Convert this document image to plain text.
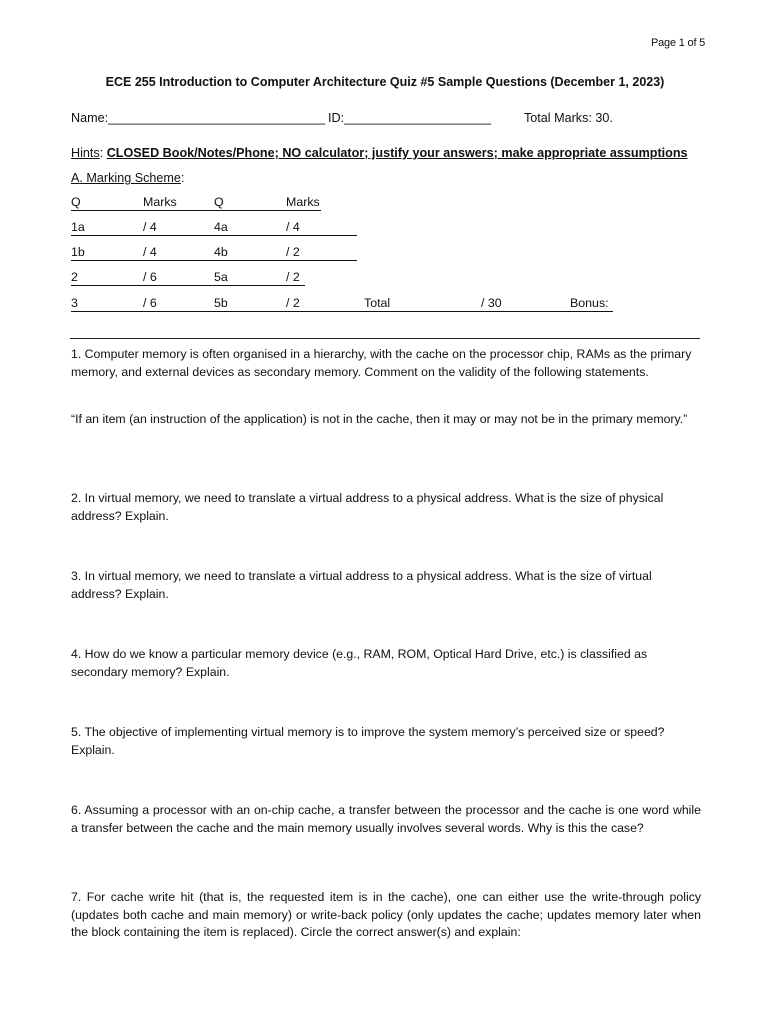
Page 1 of 5
ECE 255 Introduction to Computer Architecture Quiz #5 Sample Questions (December 1, 2023)
Name:_______________________________ ID:_____________________	Total Marks: 30.
Hints: CLOSED Book/Notes/Phone; NO calculator; justify your answers; make appropriate assumptions
A. Marking Scheme:
Q	Marks	Q	Marks
1a	/ 4	4a	/ 4
1b	/ 4	4b	/ 2
2	/ 6	5a	/ 2
3	/ 6	5b	/ 2	Total	/ 30	Bonus:
1. Computer memory is often organised in a hierarchy, with the cache on the processor chip, RAMs as the primary memory, and external devices as secondary memory. Comment on the validity of the following statements.
“If an item (an instruction of the application) is not in the cache, then it may or may not be in the primary memory.”
2. In virtual memory, we need to translate a virtual address to a physical address. What is the size of physical address? Explain.
3. In virtual memory, we need to translate a virtual address to a physical address. What is the size of virtual address? Explain.
4. How do we know a particular memory device (e.g., RAM, ROM, Optical Hard Drive, etc.) is classified as secondary memory? Explain.
5. The objective of implementing virtual memory is to improve the system memory’s perceived size or speed? Explain.
6. Assuming a processor with an on-chip cache, a transfer between the processor and the cache is one word while a transfer between the cache and the main memory usually involves several words. Why is this the case?
7. For cache write hit (that is, the requested item is in the cache), one can either use the write-through policy (updates both cache and main memory) or write-back policy (only updates the cache; updates memory later when the block containing the item is replaced). Circle the correct answer(s) and explain:
